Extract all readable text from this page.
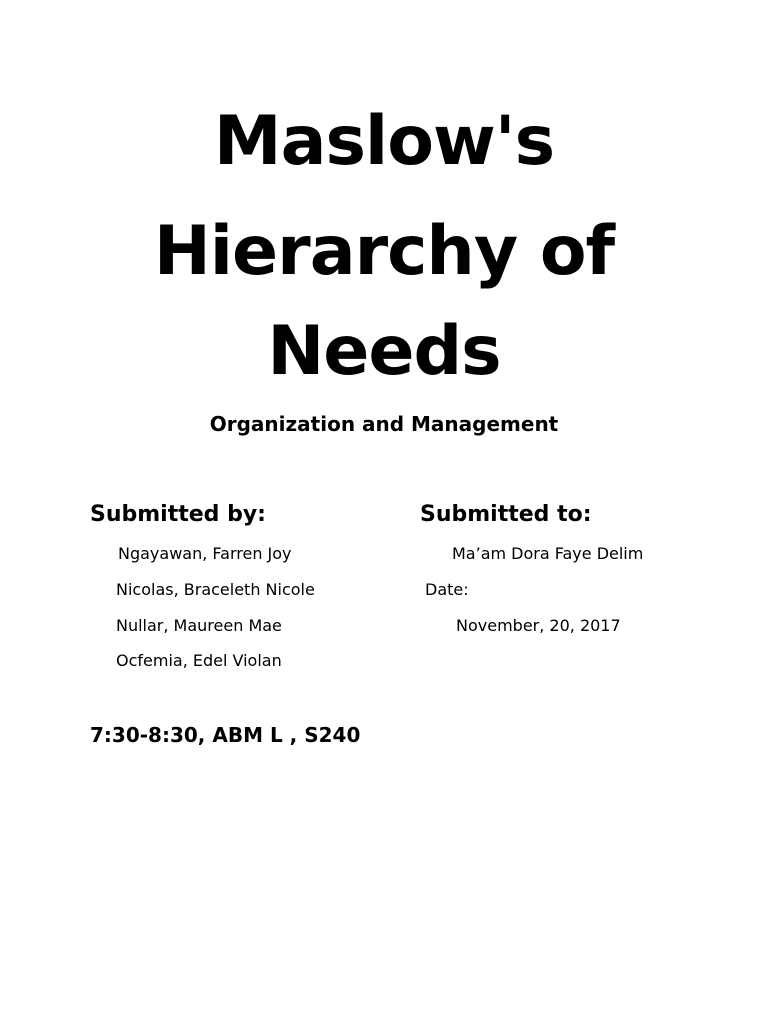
Maslow's
Hierarchy of
Needs
Organization and Management
Submitted by:
Ngayawan, Farren Joy
Nicolas, Braceleth Nicole
Nullar, Maureen Mae
Ocfemia, Edel Violan
Submitted to:
Ma’am Dora Faye Delim
Date:
November, 20, 2017
7:30-8:30, ABM L , S240
